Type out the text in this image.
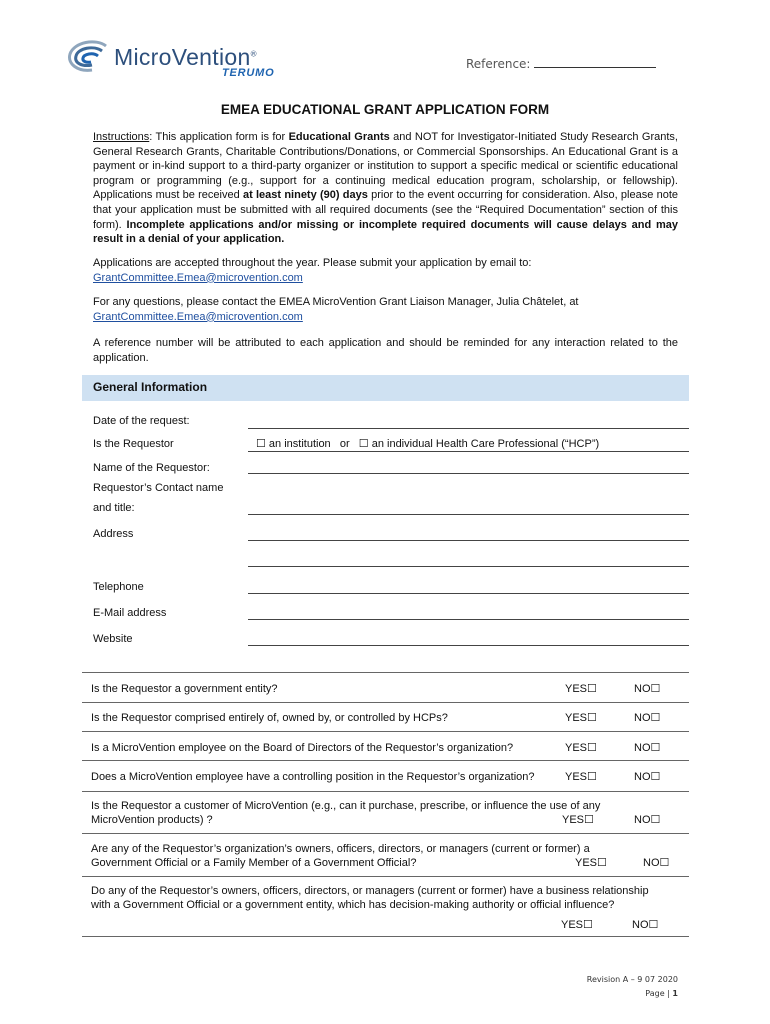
MicroVention®
TERUMO
Reference:
EMEA EDUCATIONAL GRANT APPLICATION FORM
Instructions: This application form is for Educational Grants and NOT for Investigator-Initiated Study Research Grants, General Research Grants, Charitable Contributions/Donations, or Commercial Sponsorships. An Educational Grant is a payment or in-kind support to a third-party organizer or institution to support a specific medical or scientific educational program or programming (e.g., support for a continuing medical education program, scholarship, or fellowship). Applications must be received at least ninety (90) days prior to the event occurring for consideration. Also, please note that your application must be submitted with all required documents (see the “Required Documentation” section of this form). Incomplete applications and/or missing or incomplete required documents will cause delays and may result in a denial of your application.
Applications are accepted throughout the year. Please submit your application by email to:
GrantCommittee.Emea@microvention.com
For any questions, please contact the EMEA MicroVention Grant Liaison Manager, Julia Châtelet, at
GrantCommittee.Emea@microvention.com
A reference number will be attributed to each application and should be reminded for any interaction related to the application.
General Information
Date of the request:
Is the Requestor	☐ an institution   or   ☐ an individual Health Care Professional (“HCP”)
Name of the Requestor:
Requestor’s Contact name
and title:
Address
Telephone
E-Mail address
Website
Is the Requestor a government entity?	YES☐	NO☐
Is the Requestor comprised entirely of, owned by, or controlled by HCPs?	YES☐	NO☐
Is a MicroVention employee on the Board of Directors of the Requestor’s organization?	YES☐	NO☐
Does a MicroVention employee have a controlling position in the Requestor’s organization?	YES☐	NO☐
Is the Requestor a customer of MicroVention (e.g., can it purchase, prescribe, or influence the use of any
MicroVention products) ?	YES☐	NO☐
Are any of the Requestor’s organization’s owners, officers, directors, or managers (current or former) a
Government Official or a Family Member of a Government Official?	YES☐	NO☐
Do any of the Requestor’s owners, officers, directors, or managers (current or former) have a business relationship
with a Government Official or a government entity, which has decision-making authority or official influence?
YES☐	NO☐
Revision A – 9 07 2020
Page | 1
